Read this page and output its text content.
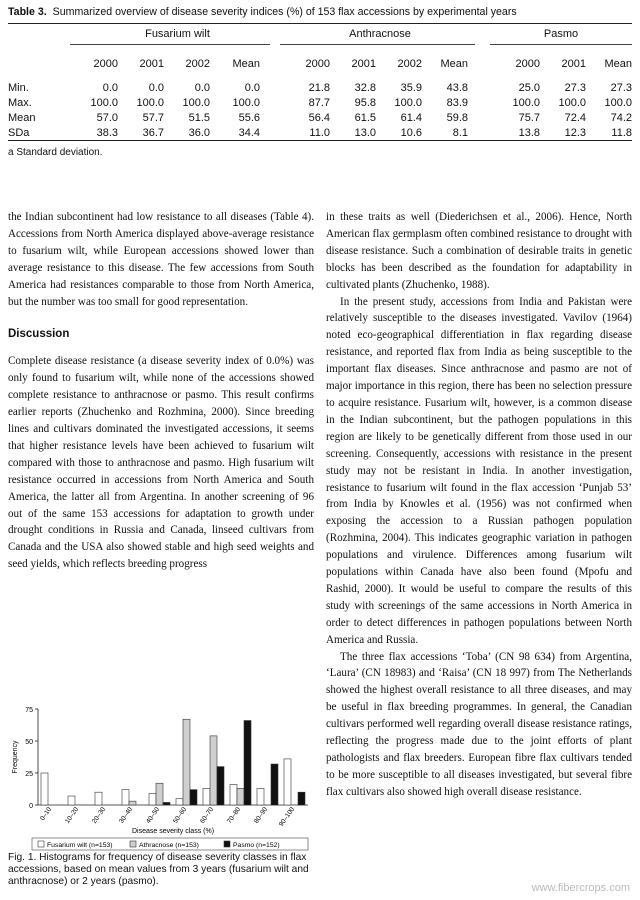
Table 3. Summarized overview of disease severity indices (%) of 153 flax accessions by experimental years
Fusarium wilt	Anthracnose	Pasmo
2000	2001	2002	Mean	2000	2001	2002	Mean	2000	2001	Mean
Min.	0.0	0.0	0.0	0.0	21.8	32.8	35.9	43.8	25.0	27.3	27.3
Max.	100.0	100.0	100.0	100.0	87.7	95.8	100.0	83.9	100.0	100.0	100.0
Mean	57.0	57.7	51.5	55.6	56.4	61.5	61.4	59.8	75.7	72.4	74.2
SDa	38.3	36.7	36.0	34.4	11.0	13.0	10.6	8.1	13.8	12.3	11.8
a Standard deviation.

the Indian subcontinent had low resistance to all diseases (Table 4). Accessions from North America displayed above-average resistance to fusarium wilt, while European accessions showed lower than average resistance to this disease. The few accessions from South America had resistances comparable to those from North America, but the number was too small for good representation.

Discussion

Complete disease resistance (a disease severity index of 0.0%) was only found to fusarium wilt, while none of the accessions showed complete resistance to anthracnose or pasmo. This result confirms earlier reports (Zhuchenko and Rozhmina, 2000). Since breeding lines and cultivars dominated the investigated accessions, it seems that higher resistance levels have been achieved to fusarium wilt compared with those to anthracnose and pasmo. High fusarium wilt resistance occurred in accessions from North America and South America, the latter all from Argentina. In another screening of 96 out of the same 153 accessions for adaptation to growth under drought conditions in Russia and Canada, linseed cultivars from Canada and the USA also showed stable and high seed weights and seed yields, which reflects breeding progress

in these traits as well (Diederichsen et al., 2006). Hence, North American flax germplasm often combined resistance to drought with disease resistance. Such a combination of desirable traits in genetic blocks has been described as the foundation for adaptability in cultivated plants (Zhuchenko, 1988).

In the present study, accessions from India and Pakistan were relatively susceptible to the diseases investigated. Vavilov (1964) noted eco-geographical differentiation in flax regarding disease resistance, and reported flax from India as being susceptible to the important flax diseases. Since anthracnose and pasmo are not of major importance in this region, there has been no selection pressure to acquire resistance. Fusarium wilt, however, is a common disease in the Indian subcontinent, but the pathogen populations in this region are likely to be genetically different from those used in our screening. Consequently, accessions with resistance in the present study may not be resistant in India. In another investigation, resistance to fusarium wilt found in the flax accession ‘Punjab 53’ from India by Knowles et al. (1956) was not confirmed when exposing the accession to a Russian pathogen population (Rozhmina, 2004). This indicates geographic variation in pathogen populations and virulence. Differences among fusarium wilt populations within Canada have also been found (Mpofu and Rashid, 2000). It would be useful to compare the results of this study with screenings of the same accessions in North America in order to detect differences in pathogen populations between North America and Russia.

The three flax accessions ‘Toba’ (CN 98 634) from Argentina, ‘Laura’ (CN 18983) and ‘Raisa’ (CN 18 997) from The Netherlands showed the highest overall resistance to all three diseases, and may be useful in flax breeding programmes. In general, the Canadian cultivars performed well regarding overall disease resistance ratings, reflecting the progress made due to the joint efforts of plant pathologists and flax breeders. European fibre flax cultivars tended to be more susceptible to all diseases investigated, but several fibre flax cultivars also showed high overall disease resistance.

0
25
50
75
Frequency
0–10 10–20 20–30 30–40 40–50 50–60 60–70 70–80 80–90 90–100
Disease severity class (%)
Fusarium wilt (n=153)	Athracnose (n=153)	Pasmo (n=152)
Fig. 1. Histograms for frequency of disease severity classes in flax accessions, based on mean values from 3 years (fusarium wilt and anthracnose) or 2 years (pasmo).
www.fibercrops.com
